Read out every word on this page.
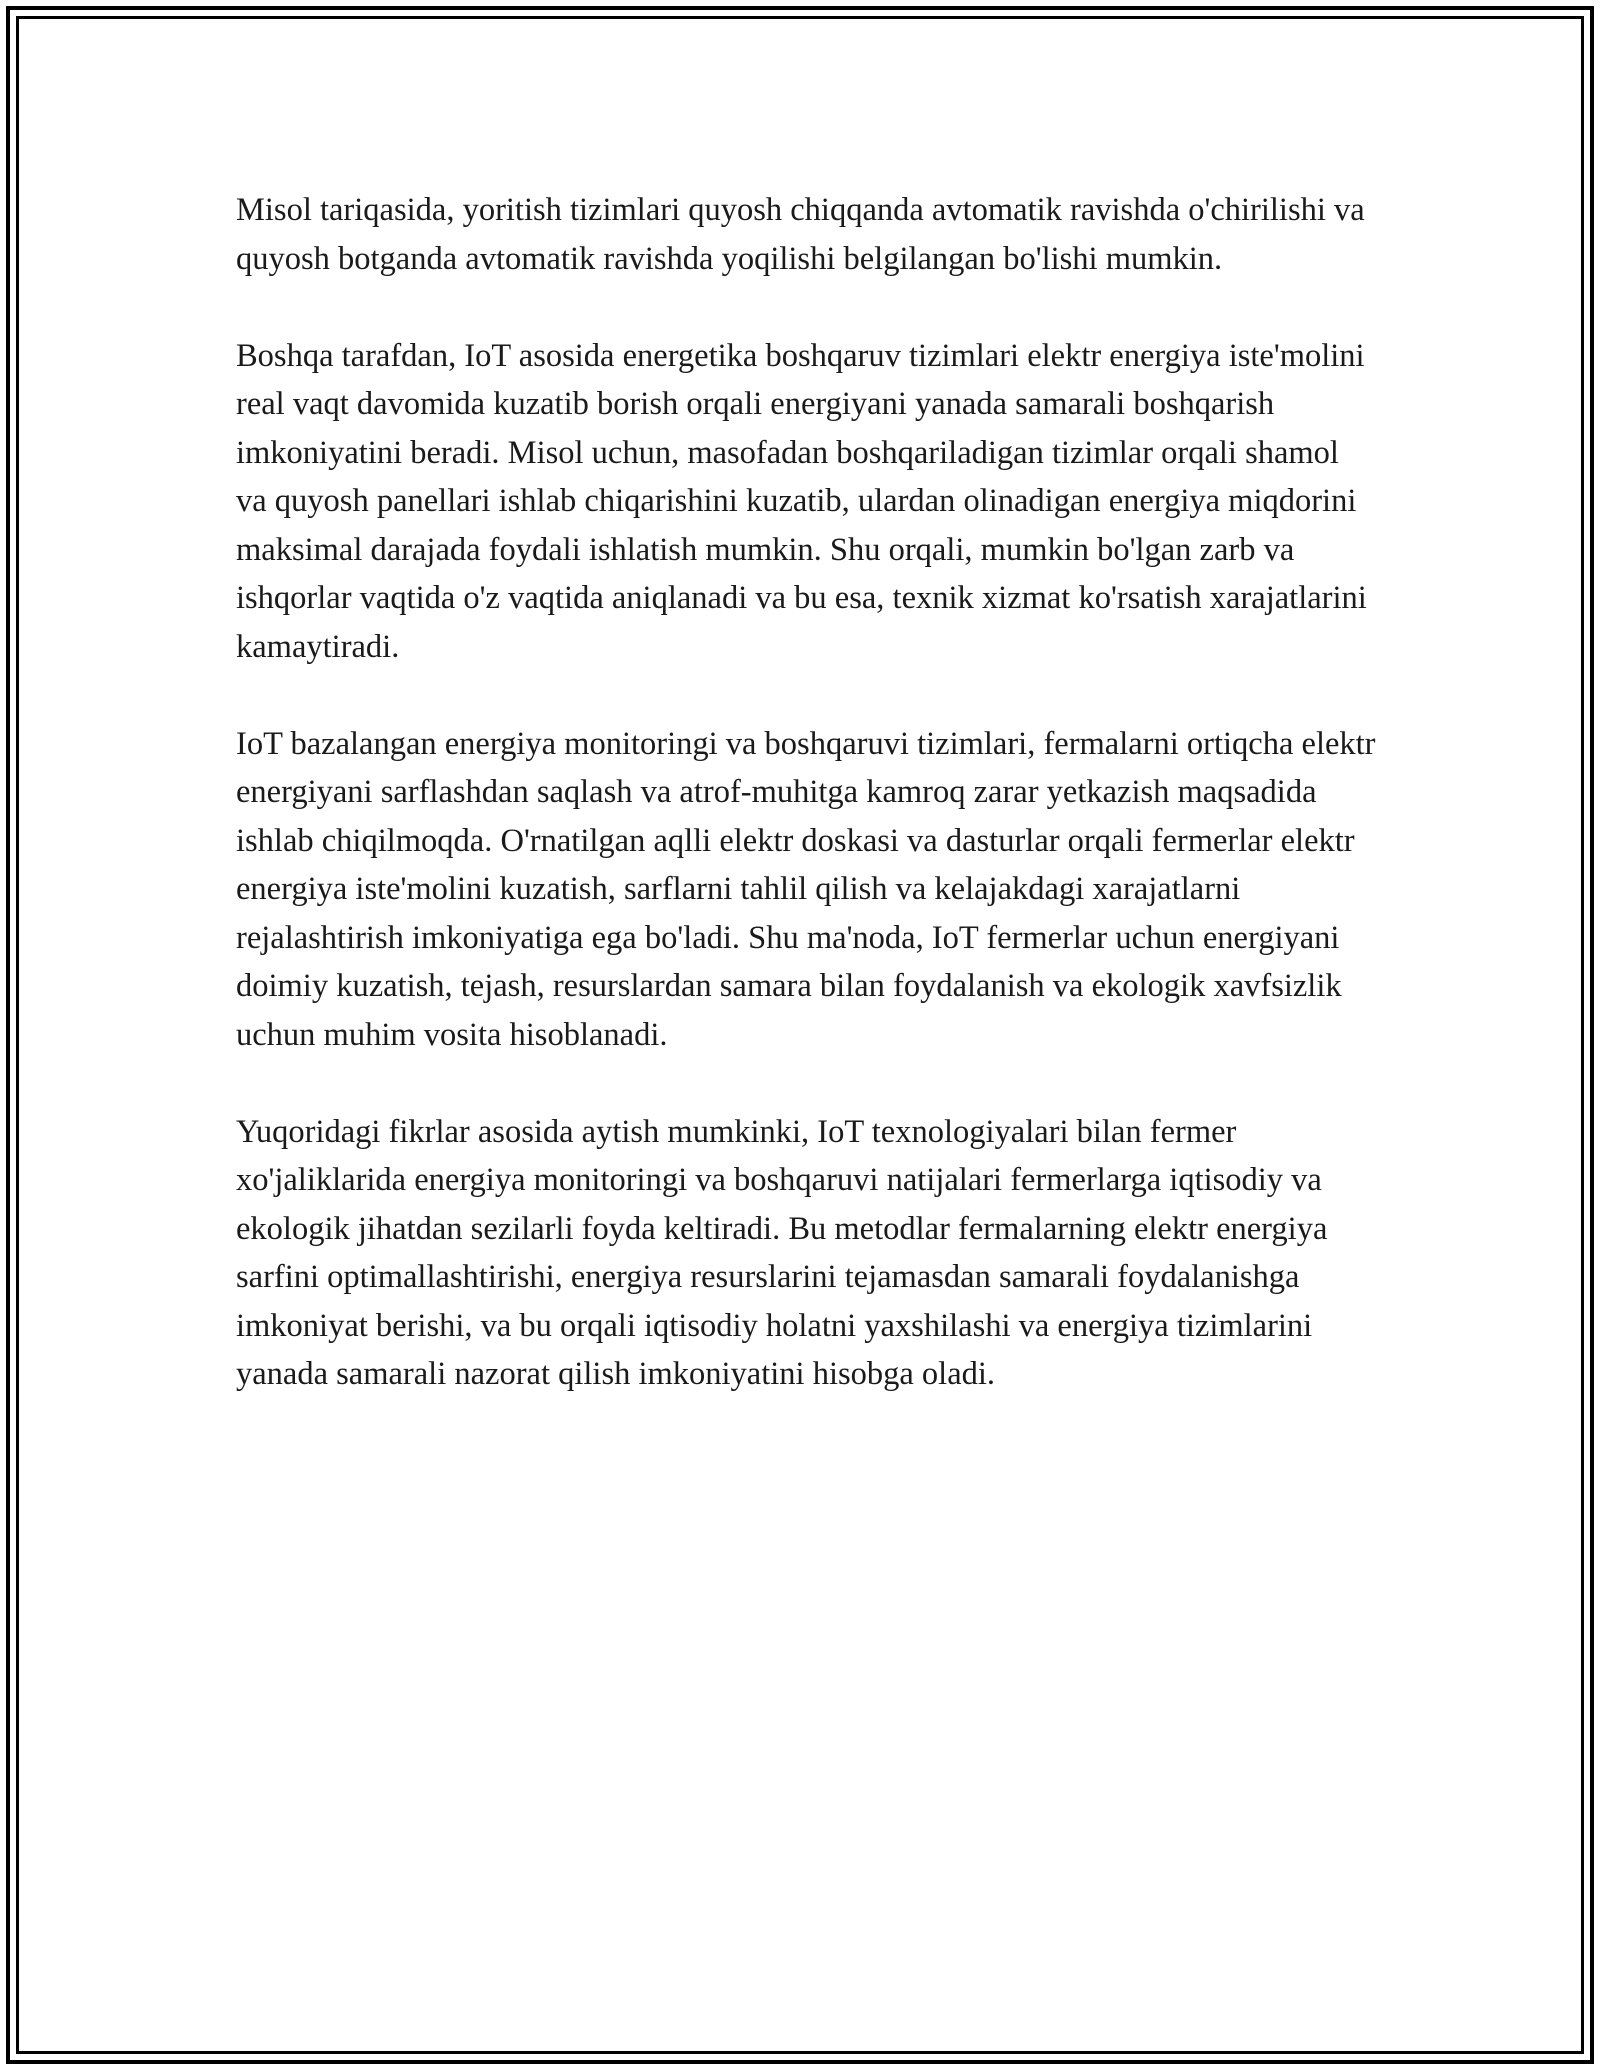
Misol tariqasida, yoritish tizimlari quyosh chiqqanda avtomatik ravishda o'chirilishi va quyosh botganda avtomatik ravishda yoqilishi belgilangan bo'lishi mumkin.

Boshqa tarafdan, IoT asosida energetika boshqaruv tizimlari elektr energiya iste'molini real vaqt davomida kuzatib borish orqali energiyani yanada samarali boshqarish imkoniyatini beradi. Misol uchun, masofadan boshqariladigan tizimlar orqali shamol va quyosh panellari ishlab chiqarishini kuzatib, ulardan olinadigan energiya miqdorini maksimal darajada foydali ishlatish mumkin. Shu orqali, mumkin bo'lgan zarb va ishqorlar vaqtida o'z vaqtida aniqlanadi va bu esa, texnik xizmat ko'rsatish xarajatlarini kamaytiradi.

IoT bazalangan energiya monitoringi va boshqaruvi tizimlari, fermalarni ortiqcha elektr energiyani sarflashdan saqlash va atrof-muhitga kamroq zarar yetkazish maqsadida ishlab chiqilmoqda. O'rnatilgan aqlli elektr doskasi va dasturlar orqali fermerlar elektr energiya iste'molini kuzatish, sarflarni tahlil qilish va kelajakdagi xarajatlarni rejalashtirish imkoniyatiga ega bo'ladi. Shu ma'noda, IoT fermerlar uchun energiyani doimiy kuzatish, tejash, resurslardan samara bilan foydalanish va ekologik xavfsizlik uchun muhim vosita hisoblanadi.

Yuqoridagi fikrlar asosida aytish mumkinki, IoT texnologiyalari bilan fermer xo'jaliklarida energiya monitoringi va boshqaruvi natijalari fermerlarga iqtisodiy va ekologik jihatdan sezilarli foyda keltiradi. Bu metodlar fermalarning elektr energiya sarfini optimallashtirishi, energiya resurslarini tejamasdan samarali foydalanishga imkoniyat berishi, va bu orqali iqtisodiy holatni yaxshilashi va energiya tizimlarini yanada samarali nazorat qilish imkoniyatini hisobga oladi.
